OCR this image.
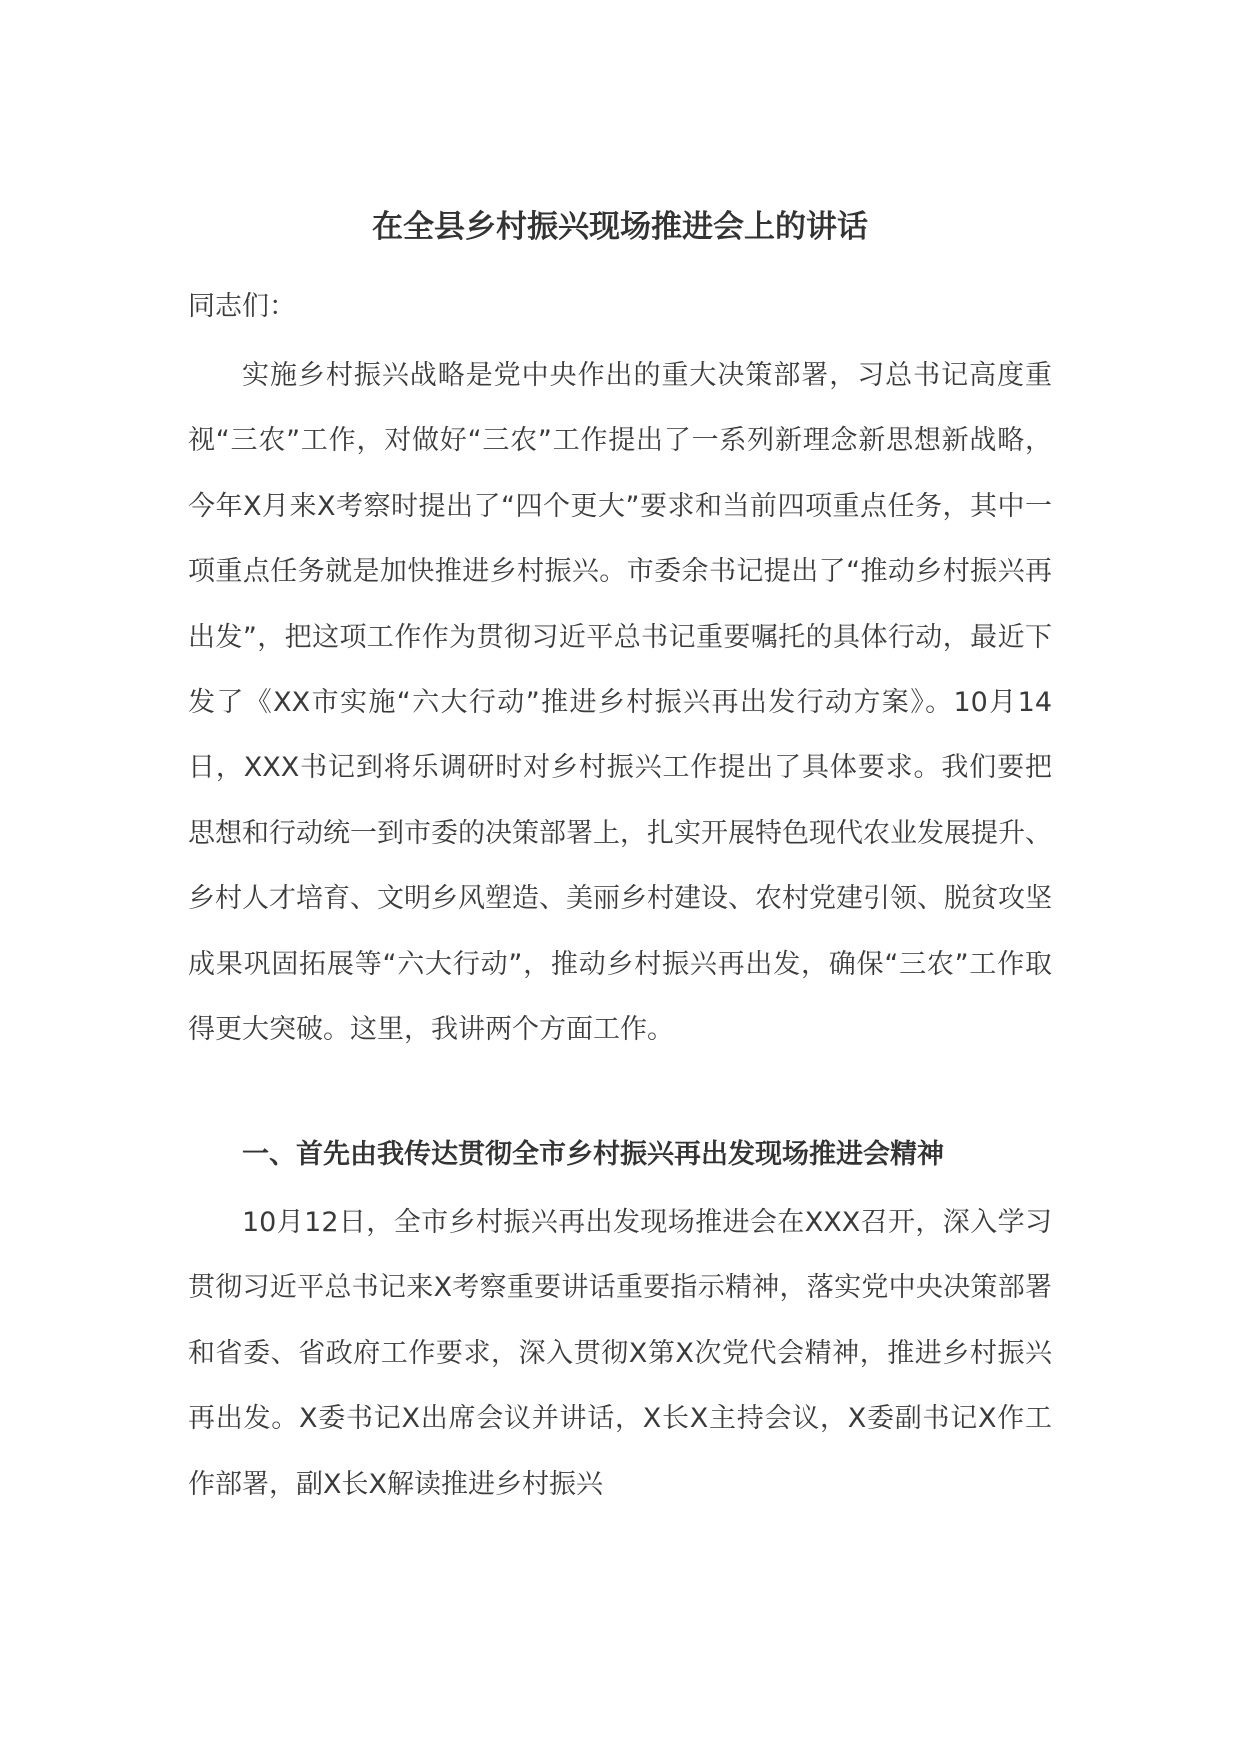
在全县乡村振兴现场推进会上的讲话

同志们：

实施乡村振兴战略是党中央作出的重大决策部署，习总书记高度重视“三农”工作，对做好“三农”工作提出了一系列新理念新思想新战略，今年X月来X考察时提出了“四个更大”要求和当前四项重点任务，其中一项重点任务就是加快推进乡村振兴。市委余书记提出了“推动乡村振兴再出发”，把这项工作作为贯彻习近平总书记重要嘱托的具体行动，最近下发了《XX市实施“六大行动”推进乡村振兴再出发行动方案》。10月14日，XXX书记到将乐调研时对乡村振兴工作提出了具体要求。我们要把思想和行动统一到市委的决策部署上，扎实开展特色现代农业发展提升、乡村人才培育、文明乡风塑造、美丽乡村建设、农村党建引领、脱贫攻坚成果巩固拓展等“六大行动”，推动乡村振兴再出发，确保“三农”工作取得更大突破。这里，我讲两个方面工作。

一、首先由我传达贯彻全市乡村振兴再出发现场推进会精神

10月12日，全市乡村振兴再出发现场推进会在XXX召开，深入学习贯彻习近平总书记来X考察重要讲话重要指示精神，落实党中央决策部署和省委、省政府工作要求，深入贯彻X第X次党代会精神，推进乡村振兴再出发。X委书记X出席会议并讲话，X长X主持会议，X委副书记X作工作部署，副X长X解读推进乡村振兴
